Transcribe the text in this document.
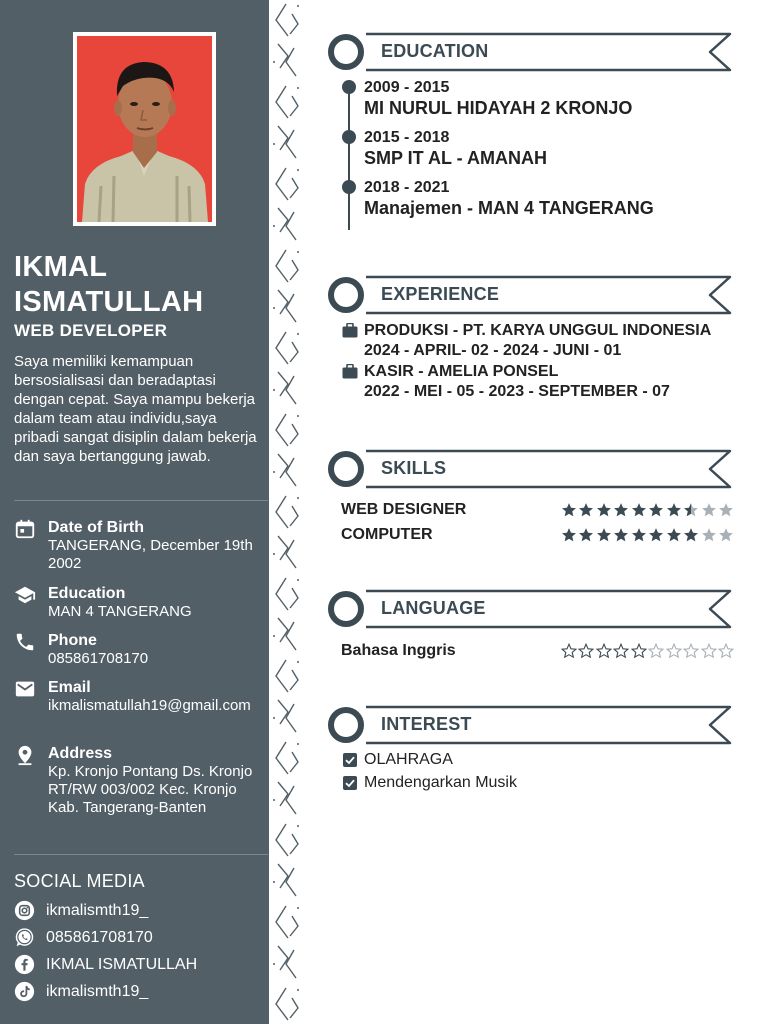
IKMAL ISMATULLAH
WEB DEVELOPER
Saya memiliki kemampuan bersosialisasi dan beradaptasi dengan cepat. Saya mampu bekerja dalam team atau individu,saya pribadi sangat disiplin dalam bekerja dan saya bertanggung jawab.
Date of Birth
TANGERANG, December 19th 2002
Education
MAN 4 TANGERANG
Phone
085861708170
Email
ikmalismatullah19@gmail.com
Address
Kp. Kronjo Pontang Ds. Kronjo RT/RW 003/002 Kec. Kronjo Kab. Tangerang-Banten
SOCIAL MEDIA
ikmalismth19_
085861708170
IKMAL ISMATULLAH
ikmalismth19_
EDUCATION
2009 - 2015
MI NURUL HIDAYAH 2 KRONJO
2015 - 2018
SMP IT AL - AMANAH
2018 - 2021
Manajemen - MAN 4 TANGERANG
EXPERIENCE
PRODUKSI - PT. KARYA UNGGUL INDONESIA
2024 - APRIL- 02 - 2024 - JUNI - 01
KASIR - AMELIA PONSEL
2022 - MEI - 05 - 2023 - SEPTEMBER - 07
SKILLS
WEB DESIGNER
COMPUTER
LANGUAGE
Bahasa Inggris
INTEREST
OLAHRAGA
Mendengarkan Musik
